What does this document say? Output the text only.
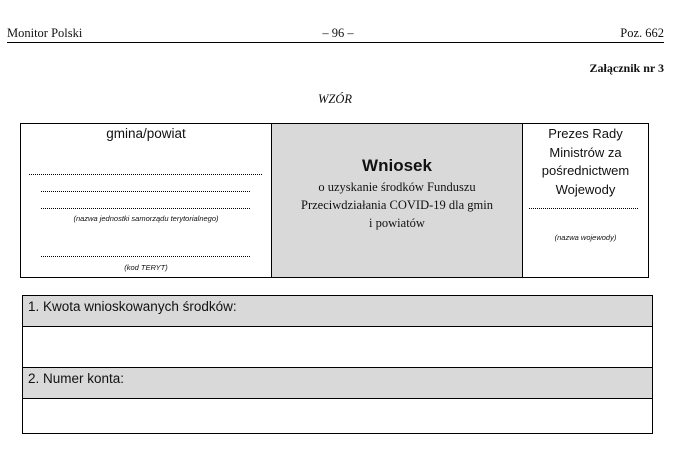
Monitor Polski	– 96 –	Poz. 662
Załącznik nr 3
WZÓR
gmina/powiat
(nazwa jednostki samorządu terytorialnego)
(kod TERYT)
Wniosek
o uzyskanie środków Funduszu
Przeciwdziałania COVID-19 dla gmin
i powiatów
Prezes Rady
Ministrów za
pośrednictwem
Wojewody
(nazwa wojewody)
1. Kwota wnioskowanych środków:
2. Numer konta:
